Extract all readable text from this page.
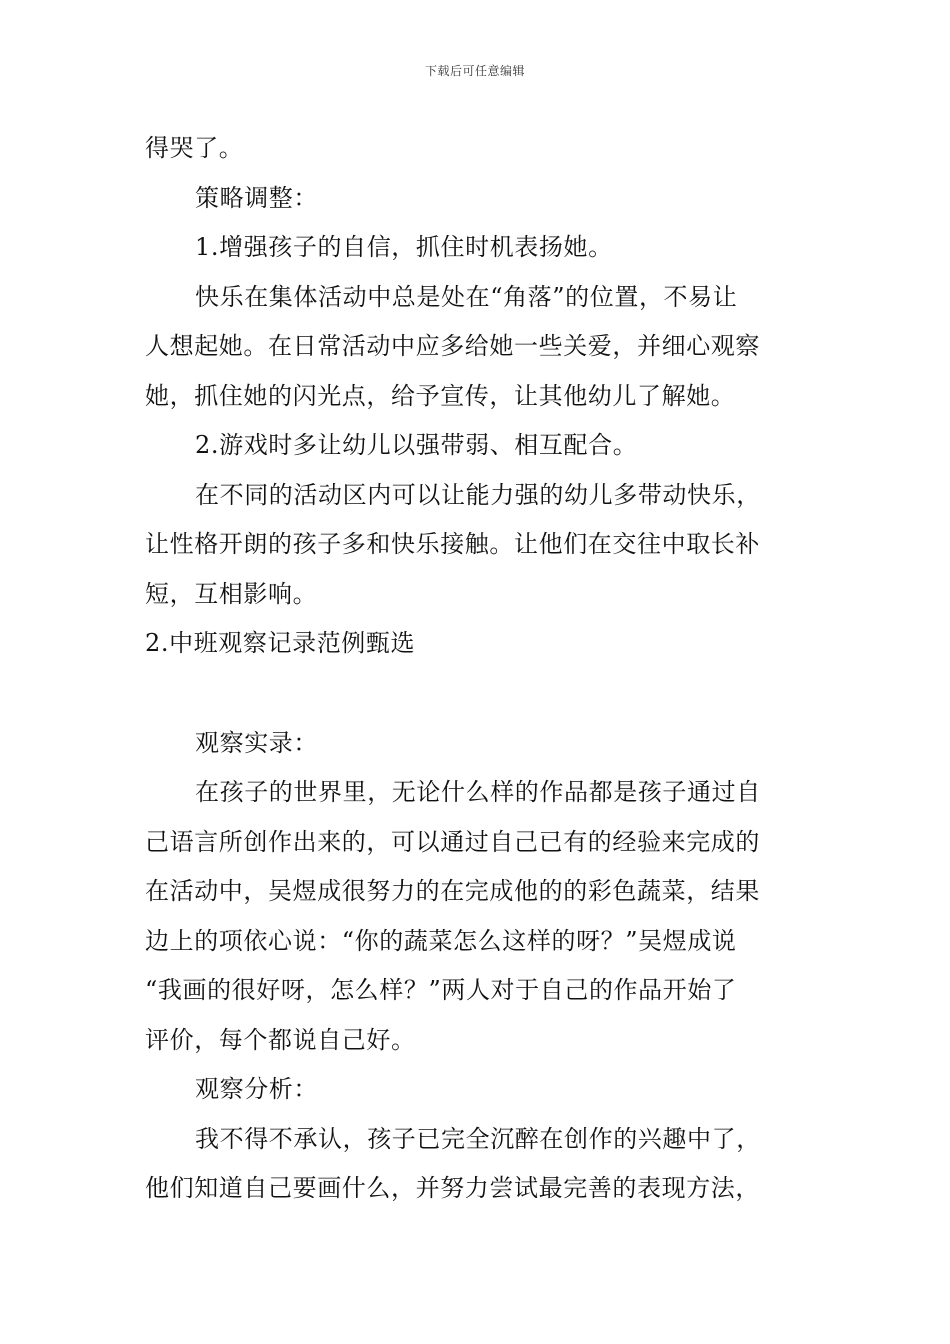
下载后可任意编辑
得哭了。
策略调整：
1.增强孩子的自信，抓住时机表扬她。
快乐在集体活动中总是处在“角落”的位置，不易让
人想起她。在日常活动中应多给她一些关爱，并细心观察
她，抓住她的闪光点，给予宣传，让其他幼儿了解她。
2.游戏时多让幼儿以强带弱、相互配合。
在不同的活动区内可以让能力强的幼儿多带动快乐，
让性格开朗的孩子多和快乐接触。让他们在交往中取长补
短，互相影响。
2.中班观察记录范例甄选
观察实录：
在孩子的世界里，无论什么样的作品都是孩子通过自
己语言所创作出来的，可以通过自己已有的经验来完成的
在活动中，吴煜成很努力的在完成他的的彩色蔬菜，结果
边上的项依心说：“你的蔬菜怎么这样的呀？”吴煜成说
“我画的很好呀，怎么样？”两人对于自己的作品开始了
评价，每个都说自己好。
观察分析：
我不得不承认，孩子已完全沉醉在创作的兴趣中了，
他们知道自己要画什么，并努力尝试最完善的表现方法，
